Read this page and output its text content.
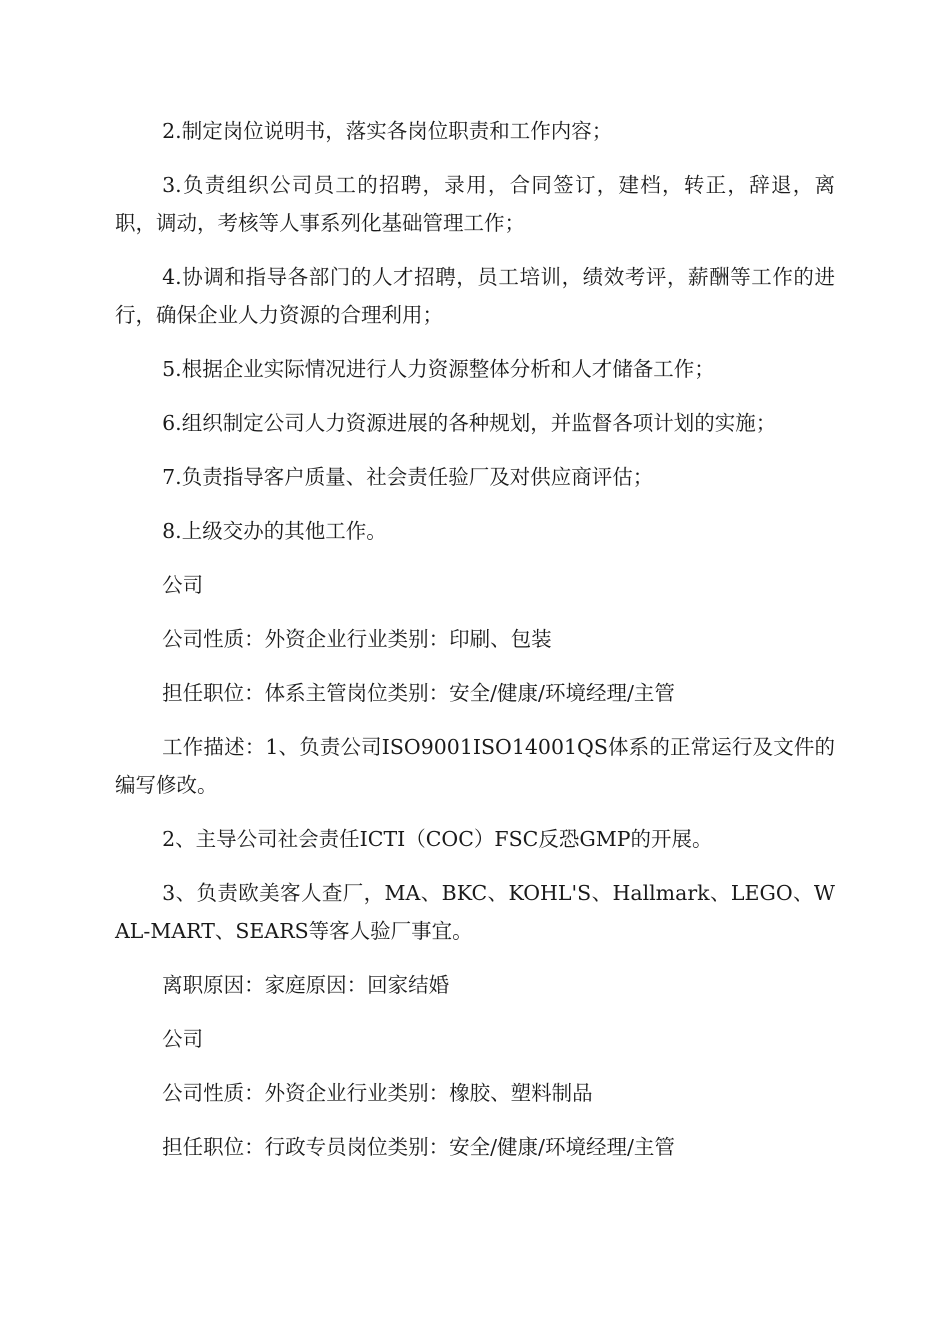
2.制定岗位说明书，落实各岗位职责和工作内容；

3.负责组织公司员工的招聘，录用，合同签订，建档，转正，辞退，离职，调动，考核等人事系列化基础管理工作；

4.协调和指导各部门的人才招聘，员工培训，绩效考评，薪酬等工作的进行，确保企业人力资源的合理利用；

5.根据企业实际情况进行人力资源整体分析和人才储备工作；

6.组织制定公司人力资源进展的各种规划，并监督各项计划的实施；

7.负责指导客户质量、社会责任验厂及对供应商评估；

8.上级交办的其他工作。

公司

公司性质：外资企业行业类别：印刷、包装

担任职位：体系主管岗位类别：安全/健康/环境经理/主管

工作描述：1、负责公司ISO9001ISO14001QS体系的正常运行及文件的编写修改。

2、主导公司社会责任ICTI（COC）FSC反恐GMP的开展。

3、负责欧美客人查厂，MA、BKC、KOHL'S、Hallmark、LEGO、WAL-MART、SEARS等客人验厂事宜。

离职原因：家庭原因：回家结婚

公司

公司性质：外资企业行业类别：橡胶、塑料制品

担任职位：行政专员岗位类别：安全/健康/环境经理/主管
